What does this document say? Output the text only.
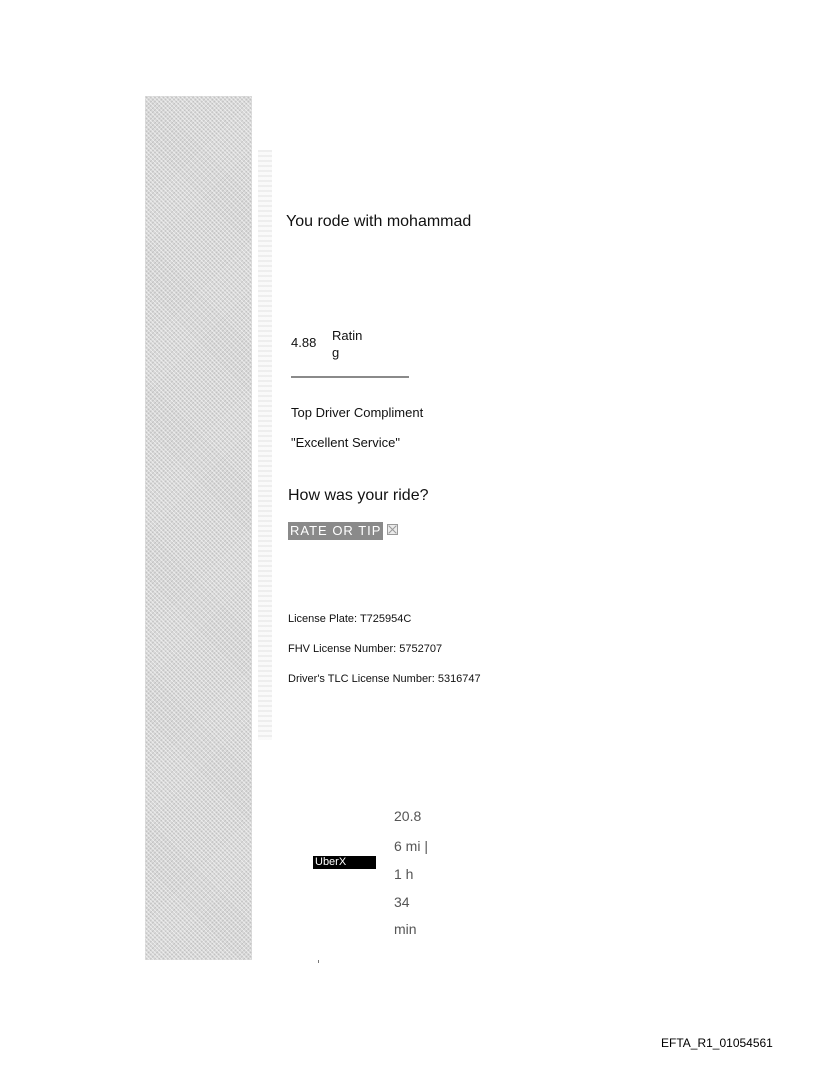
You rode with mohammad
4.88 Ratin g
Top Driver Compliment
"Excellent Service"
How was your ride?
RATE OR TIP
License Plate: T725954C
FHV License Number: 5752707
Driver's TLC License Number: 5316747
UberX
20.8
6 mi |
1 h
34
min
EFTA_R1_01054561
